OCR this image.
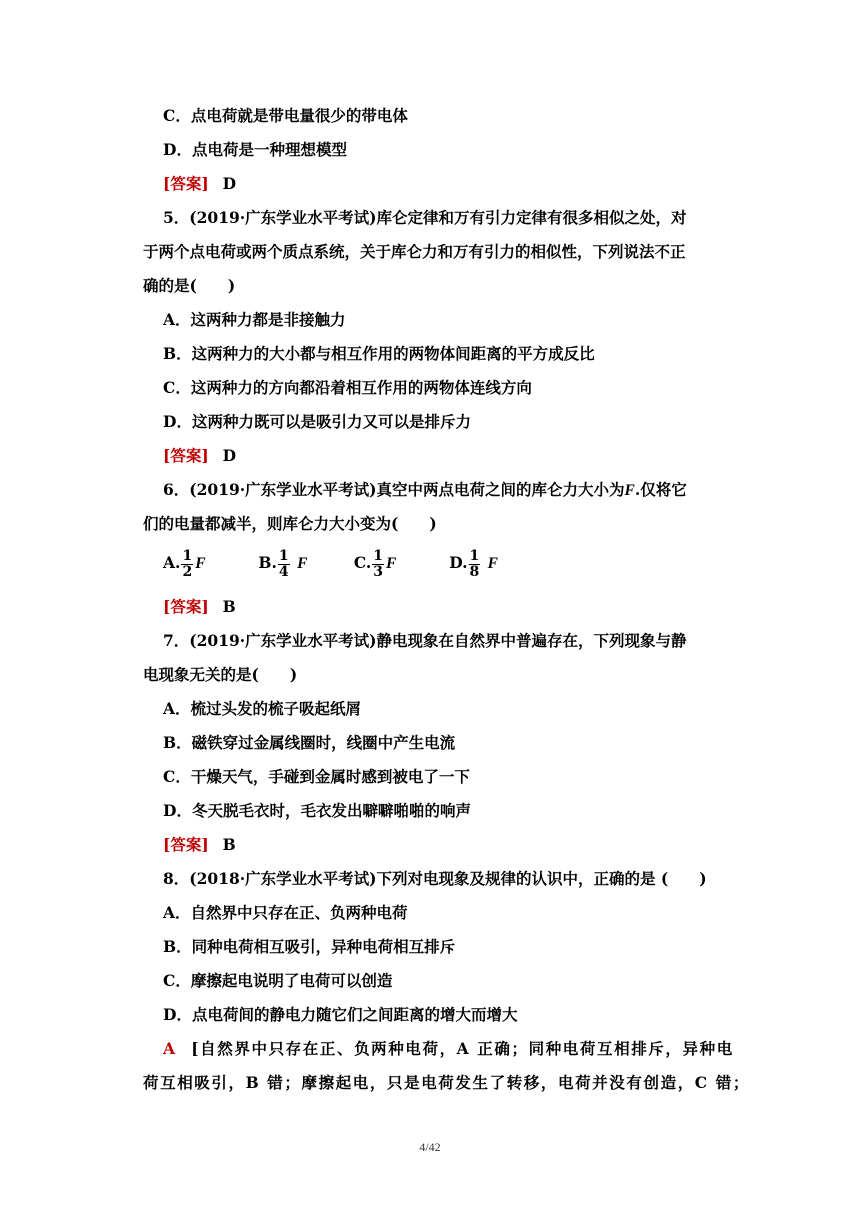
C．点电荷就是带电量很少的带电体
D．点电荷是一种理想模型
[答案] D
5．(2019·广东学业水平考试)库仑定律和万有引力定律有很多相似之处，对
于两个点电荷或两个质点系统，关于库仑力和万有引力的相似性，下列说法不正
确的是(　　)
A．这两种力都是非接触力
B．这两种力的大小都与相互作用的两物体间距离的平方成反比
C．这两种力的方向都沿着相互作用的两物体连线方向
D．这两种力既可以是吸引力又可以是排斥力
[答案] D
6．(2019·广东学业水平考试)真空中两点电荷之间的库仑力大小为F.仅将它
们的电量都减半，则库仑力大小变为(　　)
A. $\frac{1}{2}$ F	B. $\frac{1}{4}$ F	C. $\frac{1}{3}$ F	D. $\frac{1}{8}$ F
[答案] B
7．(2019·广东学业水平考试)静电现象在自然界中普遍存在，下列现象与静
电现象无关的是(　　)
A．梳过头发的梳子吸起纸屑
B．磁铁穿过金属线圈时，线圈中产生电流
C．干燥天气，手碰到金属时感到被电了一下
D．冬天脱毛衣时，毛衣发出噼噼啪啪的响声
[答案] B
8．(2018·广东学业水平考试)下列对电现象及规律的认识中，正确的是 (　　)
A．自然界中只存在正、负两种电荷
B．同种电荷相互吸引，异种电荷相互排斥
C．摩擦起电说明了电荷可以创造
D．点电荷间的静电力随它们之间距离的增大而增大
A [自然界中只存在正、负两种电荷，A 正确；同种电荷互相排斥，异种电
荷互相吸引，B 错；摩擦起电，只是电荷发生了转移，电荷并没有创造，C 错；
4/42
